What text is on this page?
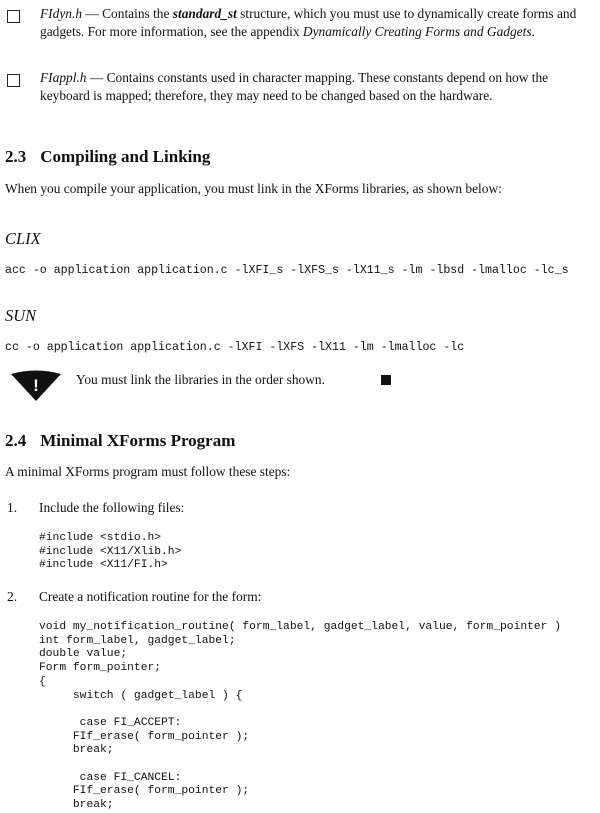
FIdyn.h — Contains the standard_st structure, which you must use to dynamically create forms and gadgets. For more information, see the appendix Dynamically Creating Forms and Gadgets.
FIappl.h — Contains constants used in character mapping. These constants depend on how the keyboard is mapped; therefore, they may need to be changed based on the hardware.
2.3 Compiling and Linking
When you compile your application, you must link in the XForms libraries, as shown below:
CLIX
acc -o application application.c -lXFI_s -lXFS_s -lX11_s -lm -lbsd -lmalloc -lc_s
SUN
cc -o application application.c -lXFI -lXFS -lX11 -lm -lmalloc -lc
!	You must link the libraries in the order shown.
2.4 Minimal XForms Program
A minimal XForms program must follow these steps:
1. Include the following files:
#include <stdio.h>
#include <X11/Xlib.h>
#include <X11/FI.h>
2. Create a notification routine for the form:
void my_notification_routine( form_label, gadget_label, value, form_pointer )
int form_label, gadget_label;
double value;
Form form_pointer;
{
switch ( gadget_label ) {

case FI_ACCEPT:
FIf_erase( form_pointer );
break;

case FI_CANCEL:
FIf_erase( form_pointer );
break;
